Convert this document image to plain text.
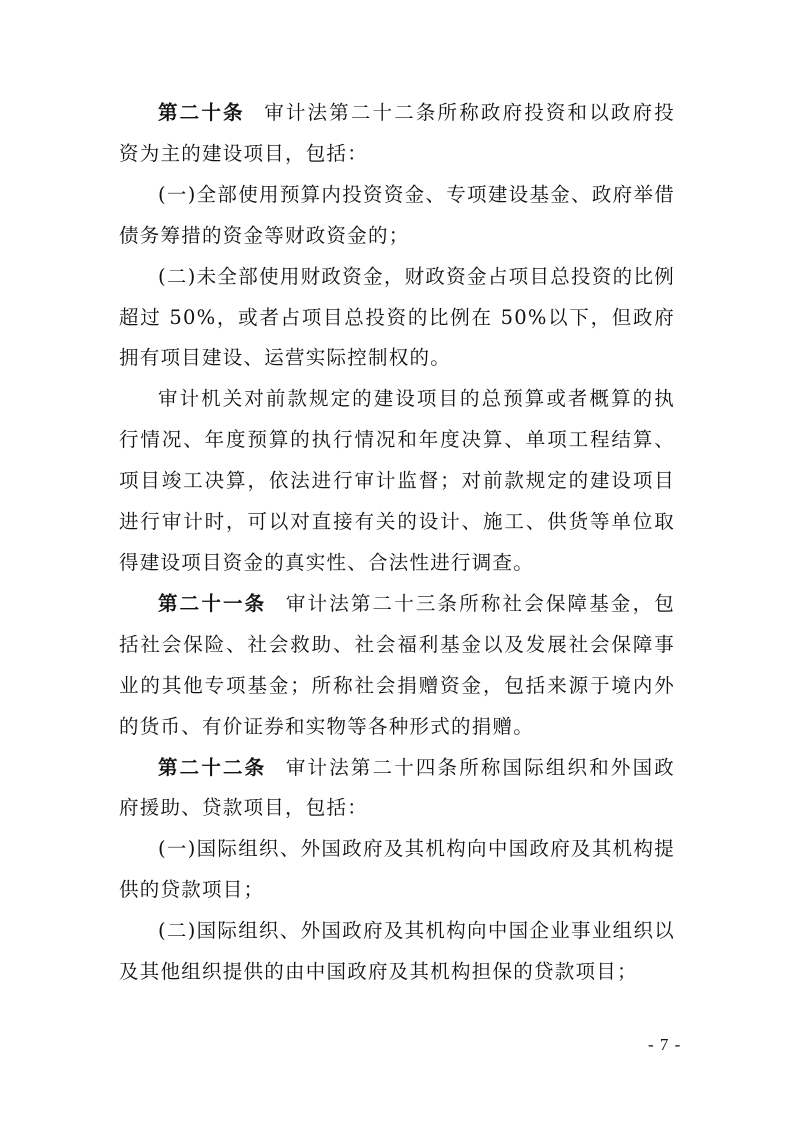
第二十条 审计法第二十二条所称政府投资和以政府投资为主的建设项目，包括：

(一)全部使用预算内投资资金、专项建设基金、政府举借债务筹措的资金等财政资金的；

(二)未全部使用财政资金，财政资金占项目总投资的比例超过 50%，或者占项目总投资的比例在 50%以下，但政府拥有项目建设、运营实际控制权的。

审计机关对前款规定的建设项目的总预算或者概算的执行情况、年度预算的执行情况和年度决算、单项工程结算、项目竣工决算，依法进行审计监督；对前款规定的建设项目进行审计时，可以对直接有关的设计、施工、供货等单位取得建设项目资金的真实性、合法性进行调查。

第二十一条 审计法第二十三条所称社会保障基金，包括社会保险、社会救助、社会福利基金以及发展社会保障事业的其他专项基金；所称社会捐赠资金，包括来源于境内外的货币、有价证券和实物等各种形式的捐赠。

第二十二条 审计法第二十四条所称国际组织和外国政府援助、贷款项目，包括：

(一)国际组织、外国政府及其机构向中国政府及其机构提供的贷款项目；

(二)国际组织、外国政府及其机构向中国企业事业组织以及其他组织提供的由中国政府及其机构担保的贷款项目；

- 7 -
